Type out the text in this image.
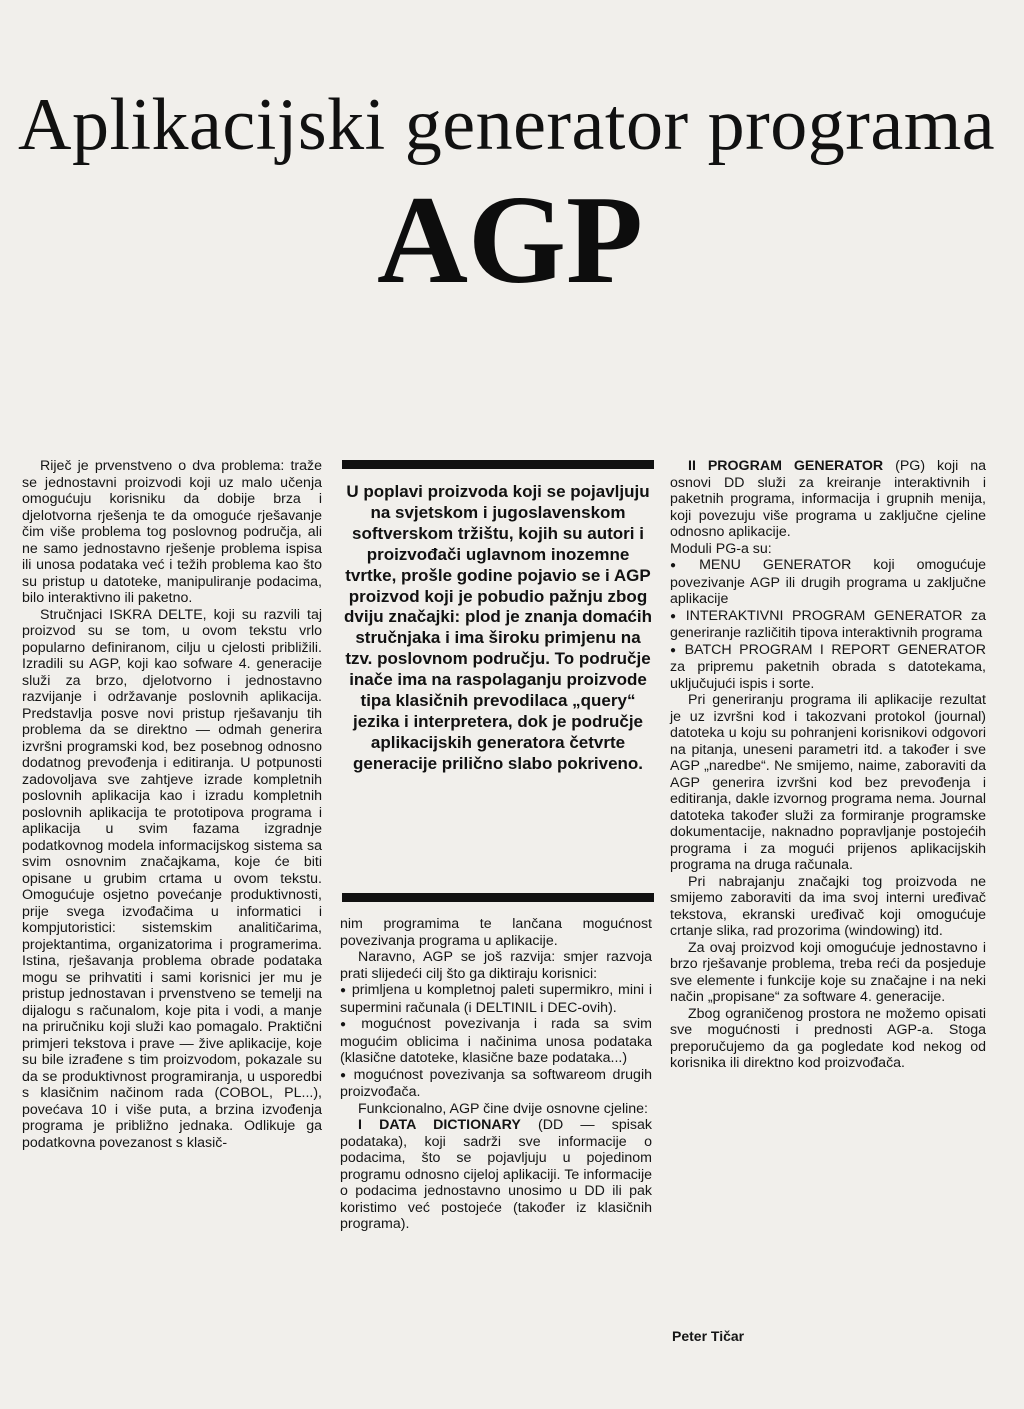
Aplikacijski generator programa
AGP

Riječ je prvenstveno o dva problema: traže se jednostavni proizvodi koji uz malo učenja omogućuju korisniku da dobije brza i djelotvorna rješenja te da omoguće rješavanje čim više problema tog poslovnog područja, ali ne samo jednostavno rješenje problema ispisa ili unosa podataka već i težih problema kao što su pristup u datoteke, manipuliranje podacima, bilo interaktivno ili paketno.

Stručnjaci ISKRA DELTE, koji su razvili taj proizvod su se tom, u ovom tekstu vrlo popularno definiranom, cilju u cjelosti približili. Izradili su AGP, koji kao sofware 4. generacije služi za brzo, djelotvorno i jednostavno razvijanje i održavanje poslovnih aplikacija. Predstavlja posve novi pristup rješavanju tih problema da se direktno — odmah generira izvršni programski kod, bez posebnog odnosno dodatnog prevođenja i editiranja. U potpunosti zadovoljava sve zahtjeve izrade kompletnih poslovnih aplikacija kao i izradu kompletnih poslovnih aplikacija te prototipova programa i aplikacija u svim fazama izgradnje podatkovnog modela informacijskog sistema sa svim osnovnim značajkama, koje će biti opisane u grubim crtama u ovom tekstu. Omogućuje osjetno povećanje produktivnosti, prije svega izvođačima u informatici i kompjutoristici: sistemskim analitičarima, projektantima, organizatorima i programerima. Istina, rješavanja problema obrade podataka mogu se prihvatiti i sami korisnici jer mu je pristup jednostavan i prvenstveno se temelji na dijalogu s računalom, koje pita i vodi, a manje na priručniku koji služi kao pomagalo. Praktični primjeri tekstova i prave — žive aplikacije, koje su bile izrađene s tim proizvodom, pokazale su da se produktivnost programiranja, u usporedbi s klasičnim načinom rada (COBOL, PL...), povećava 10 i više puta, a brzina izvođenja programa je približno jednaka. Odlikuje ga podatkovna povezanost s klasič-

U poplavi proizvoda koji se pojavljuju na svjetskom i jugoslavenskom softverskom tržištu, kojih su autori i proizvođači uglavnom inozemne tvrtke, prošle godine pojavio se i AGP proizvod koji je pobudio pažnju zbog dviju značajki: plod je znanja domaćih stručnjaka i ima široku primjenu na tzv. poslovnom području. To područje inače ima na raspolaganju proizvode tipa klasičnih prevodilaca „query“ jezika i interpretera, dok je područje aplikacijskih generatora četvrte generacije prilično slabo pokriveno.

nim programima te lančana mogućnost povezivanja programa u aplikacije.

Naravno, AGP se još razvija: smjer razvoja prati slijedeći cilj što ga diktiraju korisnici:

● primljena u kompletnoj paleti supermikro, mini i supermini računala (i DELTINIL i DEC-ovih).

● mogućnost povezivanja i rada sa svim mogućim oblicima i načinima unosa podataka (klasične datoteke, klasične baze podataka...)

● mogućnost povezivanja sa softwareom drugih proizvođača.

Funkcionalno, AGP čine dvije osnovne cjeline:

I DATA DICTIONARY (DD — spisak podataka), koji sadrži sve informacije o podacima, što se pojavljuju u pojedinom programu odnosno cijeloj aplikaciji. Te informacije o podacima jednostavno unosimo u DD ili pak koristimo već postojeće (također iz klasičnih programa).

II PROGRAM GENERATOR (PG) koji na osnovi DD služi za kreiranje interaktivnih i paketnih programa, informacija i grupnih menija, koji povezuju više programa u zaključne cjeline odnosno aplikacije.

Moduli PG-a su:

● MENU GENERATOR koji omogućuje povezivanje AGP ili drugih programa u zaključne aplikacije

● INTERAKTIVNI PROGRAM GENERATOR za generiranje različitih tipova interaktivnih programa

● BATCH PROGRAM I REPORT GENERATOR za pripremu paketnih obrada s datotekama, uključujući ispis i sorte.

Pri generiranju programa ili aplikacije rezultat je uz izvršni kod i takozvani protokol (journal) datoteka u koju su pohranjeni korisnikovi odgovori na pitanja, uneseni parametri itd. a također i sve AGP „naredbe“. Ne smijemo, naime, zaboraviti da AGP generira izvršni kod bez prevođenja i editiranja, dakle izvornog programa nema. Journal datoteka također služi za formiranje programske dokumentacije, naknadno popravljanje postojećih programa i za mogući prijenos aplikacijskih programa na druga računala.

Pri nabrajanju značajki tog proizvoda ne smijemo zaboraviti da ima svoj interni uređivač tekstova, ekranski uređivač koji omogućuje crtanje slika, rad prozorima (windowing) itd.

Za ovaj proizvod koji omogućuje jednostavno i brzo rješavanje problema, treba reći da posjeduje sve elemente i funkcije koje su značajne i na neki način „propisane“ za software 4. generacije.

Zbog ograničenog prostora ne možemo opisati sve mogućnosti i prednosti AGP-a. Stoga preporučujemo da ga pogledate kod nekog od korisnika ili direktno kod proizvođača.

Peter Tičar
